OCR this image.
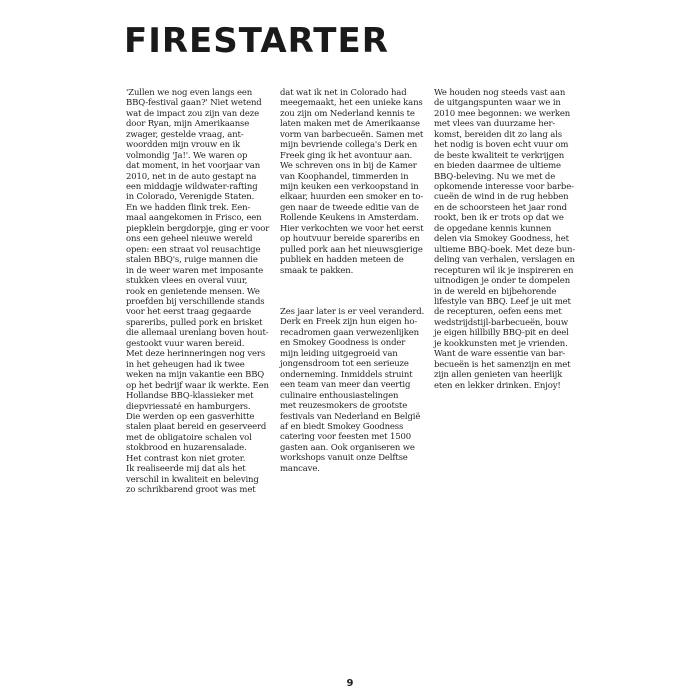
FIRESTARTER

'Zullen we nog even langs een
BBQ-festival gaan?' Niet wetend
wat de impact zou zijn van deze
door Ryan, mijn Amerikaanse
zwager, gestelde vraag, ant-
woordden mijn vrouw en ik
volmondig 'Ja!'. We waren op
dat moment, in het voorjaar van
2010, net in de auto gestapt na
een middagje wildwater-rafting
in Colorado, Verenigde Staten.
En we hadden flink trek. Een-
maal aangekomen in Frisco, een
piepklein bergdorpje, ging er voor
ons een geheel nieuwe wereld
open: een straat vol reusachtige
stalen BBQ's, ruige mannen die
in de weer waren met imposante
stukken vlees en overal vuur,
rook en genietende mensen. We
proefden bij verschillende stands
voor het eerst traag gegaarde
spareribs, pulled pork en brisket
die allemaal urenlang boven hout-
gestookt vuur waren bereid.
Met deze herinneringen nog vers
in het geheugen had ik twee
weken na mijn vakantie een BBQ
op het bedrijf waar ik werkte. Een
Hollandse BBQ-klassieker met
diepvriessaté en hamburgers.
Die werden op een gasverhitte
stalen plaat bereid en geserveerd
met de obligatoire schalen vol
stokbrood en huzarensalade.
Het contrast kon niet groter.
Ik realiseerde mij dat als het
verschil in kwaliteit en beleving
zo schrikbarend groot was met

dat wat ik net in Colorado had
meegemaakt, het een unieke kans
zou zijn om Nederland kennis te
laten maken met de Amerikaanse
vorm van barbecueën. Samen met
mijn bevriende collega's Derk en
Freek ging ik het avontuur aan.
We schreven ons in bij de Kamer
van Koophandel, timmerden in
mijn keuken een verkoopstand in
elkaar, huurden een smoker en to-
gen naar de tweede editie van de
Rollende Keukens in Amsterdam.
Hier verkochten we voor het eerst
op houtvuur bereide spareribs en
pulled pork aan het nieuwsgierige
publiek en hadden meteen de
smaak te pakken.

Zes jaar later is er veel veranderd.
Derk en Freek zijn hun eigen ho-
recadromen gaan verwezenlijken
en Smokey Goodness is onder
mijn leiding uitgegroeid van
jongensdroom tot een serieuze
onderneming. Inmiddels struint
een team van meer dan veertig
culinaire enthousiastelingen
met reuzesmokers de grootste
festivals van Nederland en België
af en biedt Smokey Goodness
catering voor feesten met 1500
gasten aan. Ook organiseren we
workshops vanuit onze Delftse
mancave.

We houden nog steeds vast aan
de uitgangspunten waar we in
2010 mee begonnen: we werken
met vlees van duurzame her-
komst, bereiden dit zo lang als
het nodig is boven echt vuur om
de beste kwaliteit te verkrijgen
en bieden daarmee de ultieme
BBQ-beleving. Nu we met de
opkomende interesse voor barbe-
cueën de wind in de rug hebben
en de schoorsteen het jaar rond
rookt, ben ik er trots op dat we
de opgedane kennis kunnen
delen via Smokey Goodness, het
ultieme BBQ-boek. Met deze bun-
deling van verhalen, verslagen en
recepturen wil ik je inspireren en
uitnodigen je onder te dompelen
in de wereld en bijbehorende
lifestyle van BBQ. Leef je uit met
de recepturen, oefen eens met
wedstrijdstijl-barbecueën, bouw
je eigen hillbilly BBQ-pit en deel
je kookkunsten met je vrienden.
Want de ware essentie van bar-
becueën is het samenzijn en met
zijn allen genieten van heerlijk
eten en lekker drinken. Enjoy!

9
